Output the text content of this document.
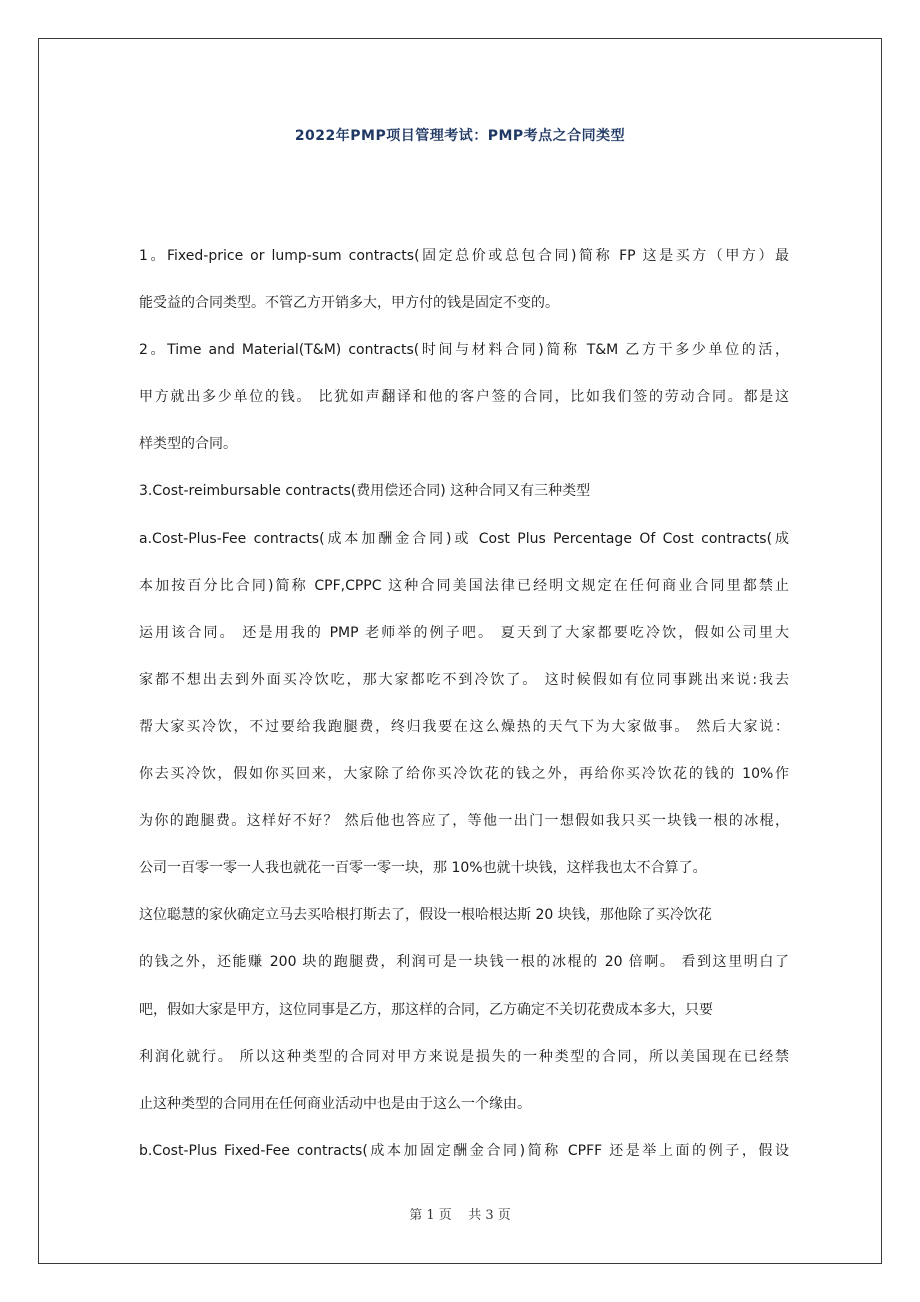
2022年PMP项目管理考试：PMP考点之合同类型
1。Fixed-price or lump-sum contracts(固定总价或总包合同)简称 FP 这是买方（甲方）最
能受益的合同类型。不管乙方开销多大，甲方付的钱是固定不变的。
2。Time and Material(T&M) contracts(时间与材料合同)简称 T&M 乙方干多少单位的活，
甲方就出多少单位的钱。 比犹如声翻译和他的客户签的合同，比如我们签的劳动合同。都是这
样类型的合同。
3.Cost-reimbursable contracts(费用偿还合同) 这种合同又有三种类型
a.Cost-Plus-Fee contracts(成本加酬金合同)或 Cost Plus Percentage Of Cost contracts(成
本加按百分比合同)简称 CPF,CPPC 这种合同美国法律已经明文规定在任何商业合同里都禁止
运用该合同。 还是用我的 PMP 老师举的例子吧。 夏天到了大家都要吃冷饮，假如公司里大
家都不想出去到外面买冷饮吃，那大家都吃不到冷饮了。 这时候假如有位同事跳出来说:我去
帮大家买冷饮，不过要给我跑腿费，终归我要在这么燥热的天气下为大家做事。 然后大家说：
你去买冷饮，假如你买回来，大家除了给你买冷饮花的钱之外，再给你买冷饮花的钱的 10%作
为你的跑腿费。这样好不好？ 然后他也答应了，等他一出门一想假如我只买一块钱一根的冰棍，
公司一百零一零一人我也就花一百零一零一块，那 10%也就十块钱，这样我也太不合算了。
这位聪慧的家伙确定立马去买哈根打斯去了，假设一根哈根达斯 20 块钱，那他除了买冷饮花
的钱之外，还能赚 200 块的跑腿费，利润可是一块钱一根的冰棍的 20 倍啊。 看到这里明白了
吧，假如大家是甲方，这位同事是乙方，那这样的合同，乙方确定不关切花费成本多大，只要
利润化就行。 所以这种类型的合同对甲方来说是损失的一种类型的合同，所以美国现在已经禁
止这种类型的合同用在任何商业活动中也是由于这么一个缘由。
b.Cost-Plus Fixed-Fee contracts(成本加固定酬金合同)简称 CPFF 还是举上面的例子，假设
第 1 页    共 3 页
